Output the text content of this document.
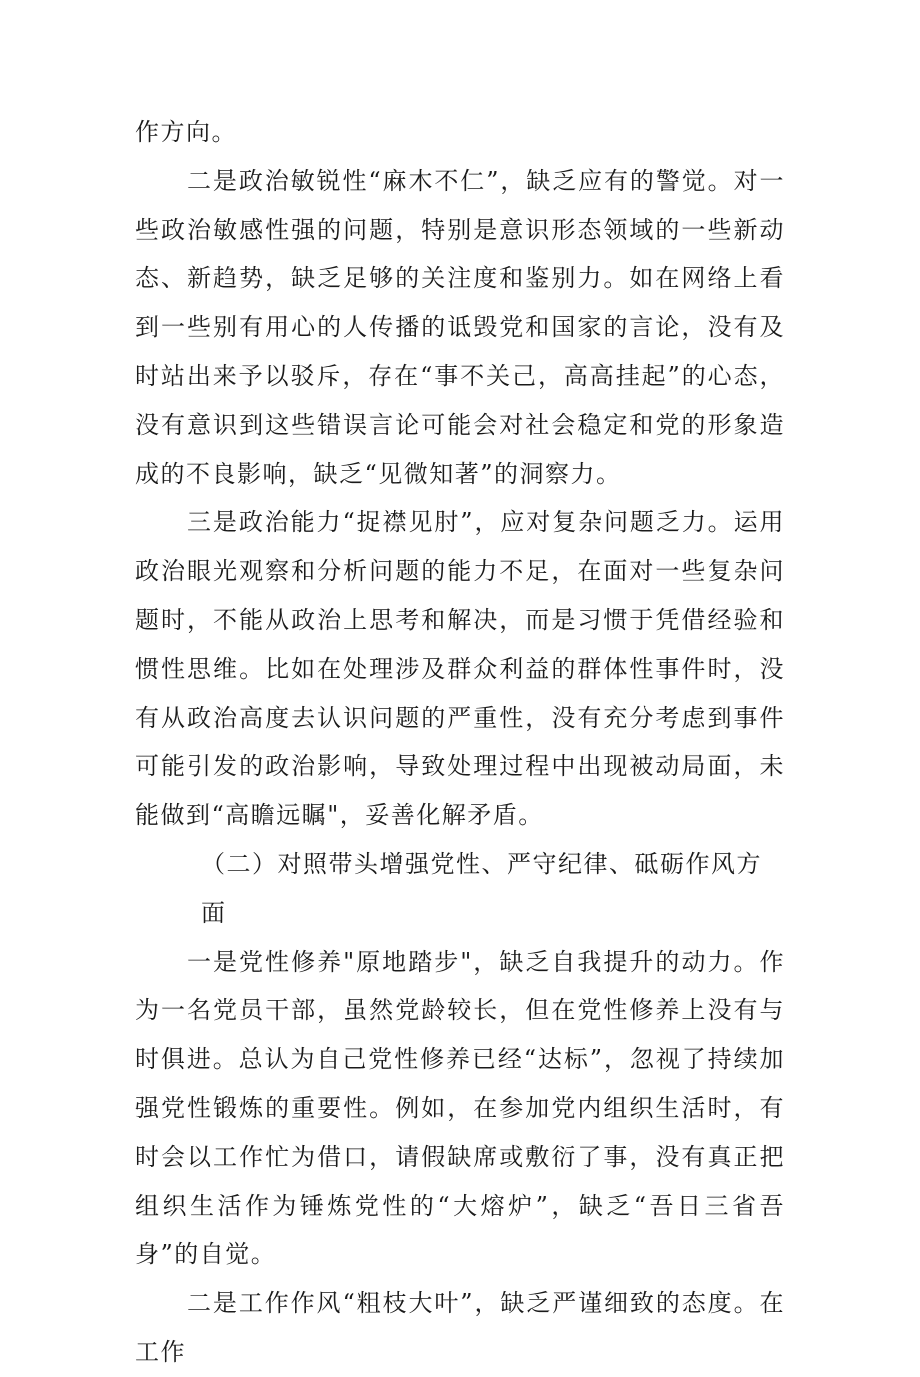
作方向。

二是政治敏锐性“麻木不仁”，缺乏应有的警觉。对一些政治敏感性强的问题，特别是意识形态领域的一些新动态、新趋势，缺乏足够的关注度和鉴别力。如在网络上看到一些别有用心的人传播的诋毁党和国家的言论，没有及时站出来予以驳斥，存在“事不关己，高高挂起”的心态，没有意识到这些错误言论可能会对社会稳定和党的形象造成的不良影响，缺乏“见微知著”的洞察力。

三是政治能力“捉襟见肘”，应对复杂问题乏力。运用政治眼光观察和分析问题的能力不足，在面对一些复杂问题时，不能从政治上思考和解决，而是习惯于凭借经验和惯性思维。比如在处理涉及群众利益的群体性事件时，没有从政治高度去认识问题的严重性，没有充分考虑到事件可能引发的政治影响，导致处理过程中出现被动局面，未能做到“高瞻远瞩"，妥善化解矛盾。

（二）对照带头增强党性、严守纪律、砥砺作风方面

一是党性修养"原地踏步"，缺乏自我提升的动力。作为一名党员干部，虽然党龄较长，但在党性修养上没有与时俱进。总认为自己党性修养已经“达标”，忽视了持续加强党性锻炼的重要性。例如，在参加党内组织生活时，有时会以工作忙为借口，请假缺席或敷衍了事，没有真正把组织生活作为锤炼党性的“大熔炉”，缺乏“吾日三省吾身”的自觉。

二是工作作风“粗枝大叶”，缺乏严谨细致的态度。在工作
